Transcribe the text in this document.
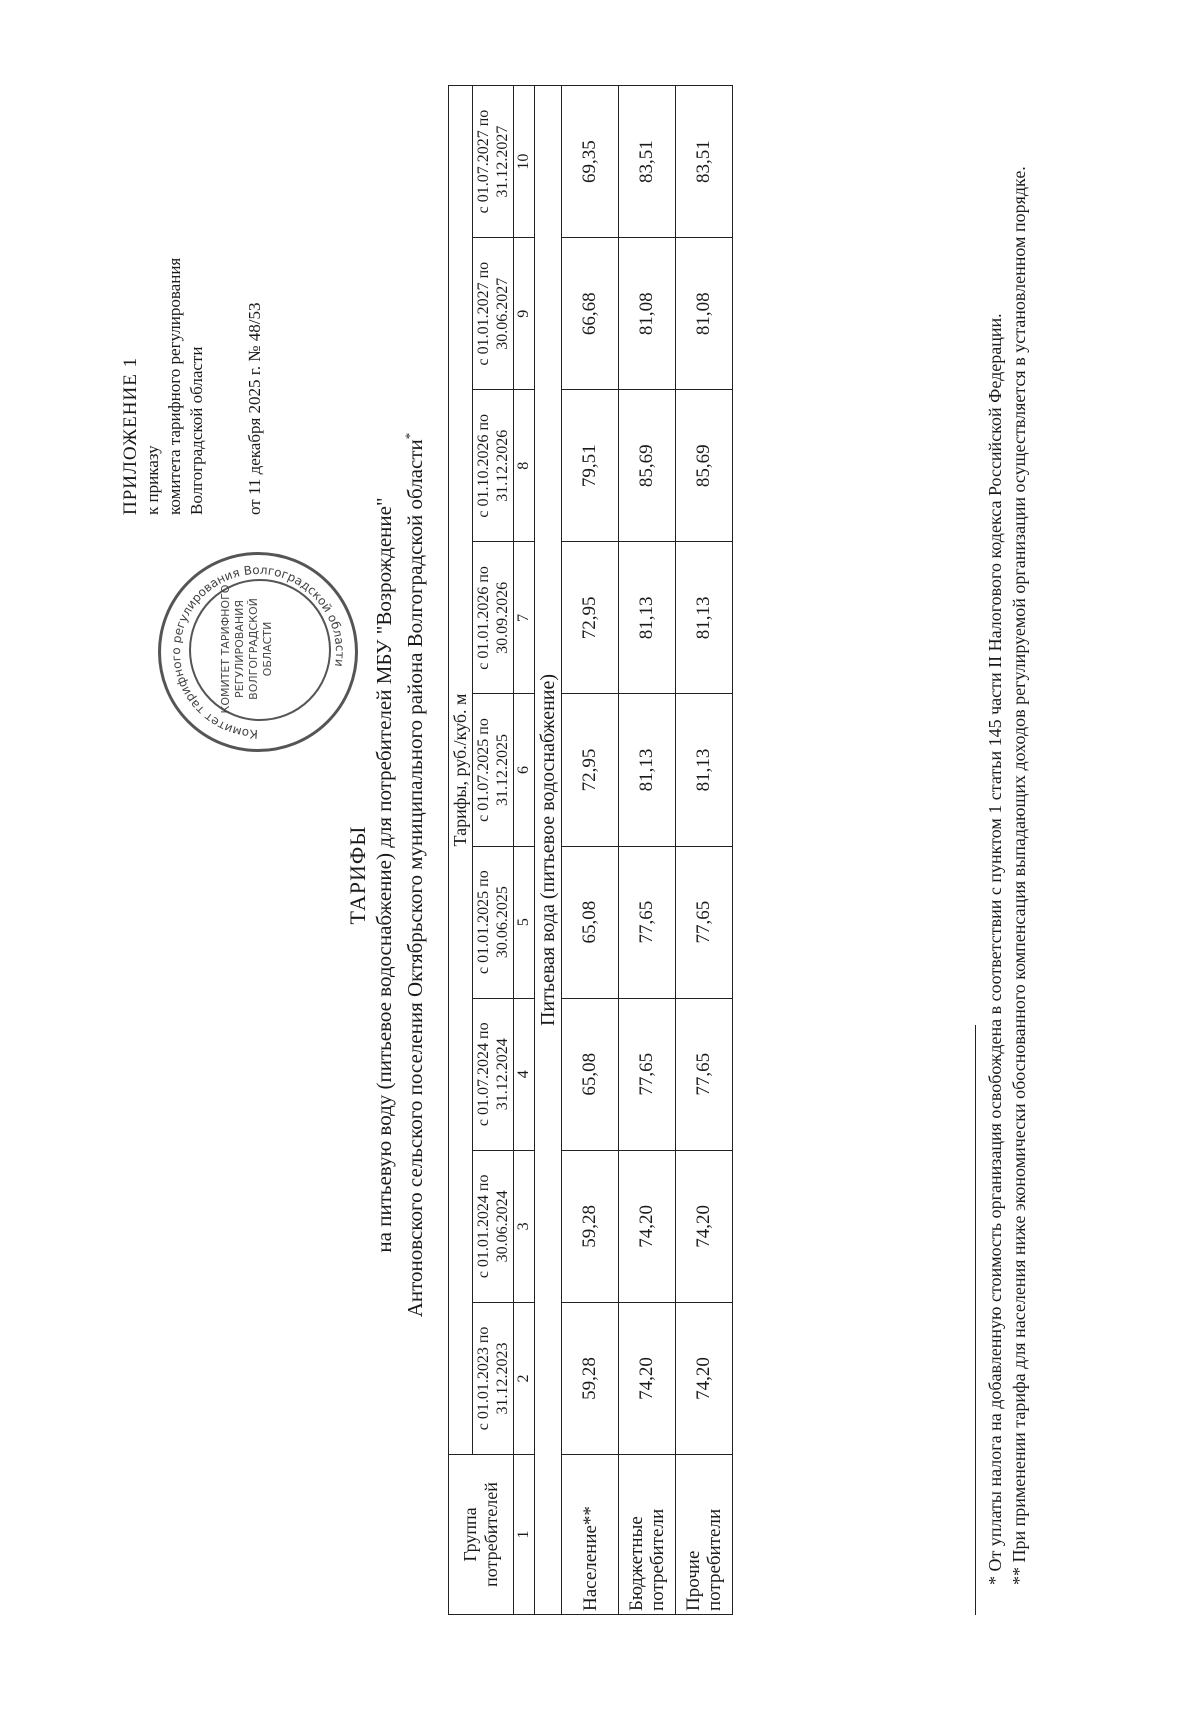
Комитет тарифного регулирования Волгоградской области
КОМИТЕТ ТАРИФНОГО РЕГУЛИРОВАНИЯ ВОЛГОГРАДСКОЙ ОБЛАСТИ
ПРИЛОЖЕНИЕ 1 к приказу комитета тарифного регулирования Волгоградской области от 11 декабря 2025 г. № 48/53
ТАРИФЫ на питьевую воду (питьевое водоснабжение) для потребителей МБУ "Возрождение" Антоновского сельского поселения Октябрьского муниципального района Волгоградской области*
Группа потребителей	Тарифы, руб./куб. м								
	с 01.01.2023 по 31.12.2023	с 01.01.2024 по 30.06.2024	с 01.07.2024 по 31.12.2024	с 01.01.2025 по 30.06.2025	с 01.07.2025 по 31.12.2025	с 01.01.2026 по 30.09.2026	с 01.10.2026 по 31.12.2026	с 01.01.2027 по 30.06.2027	с 01.07.2027 по 31.12.2027
1	2	3	4	5	6	7	8	9	10
Питьевая вода (питьевое водоснабжение)									
Население**	59,28	59,28	65,08	65,08	72,95	72,95	79,51	66,68	69,35
Бюджетные потребители	74,20	74,20	77,65	77,65	81,13	81,13	85,69	81,08	83,51
Прочие потребители	74,20	74,20	77,65	77,65	81,13	81,13	85,69	81,08	83,51

* От уплаты налога на добавленную стоимость организация освобождена в соответствии с пунктом 1 статьи 145 части II Налогового кодекса Российской Федерации. ** При применении тарифа для населения ниже экономически обоснованного компенсация выпадающих доходов регулируемой организации осуществляется в установленном порядке.
